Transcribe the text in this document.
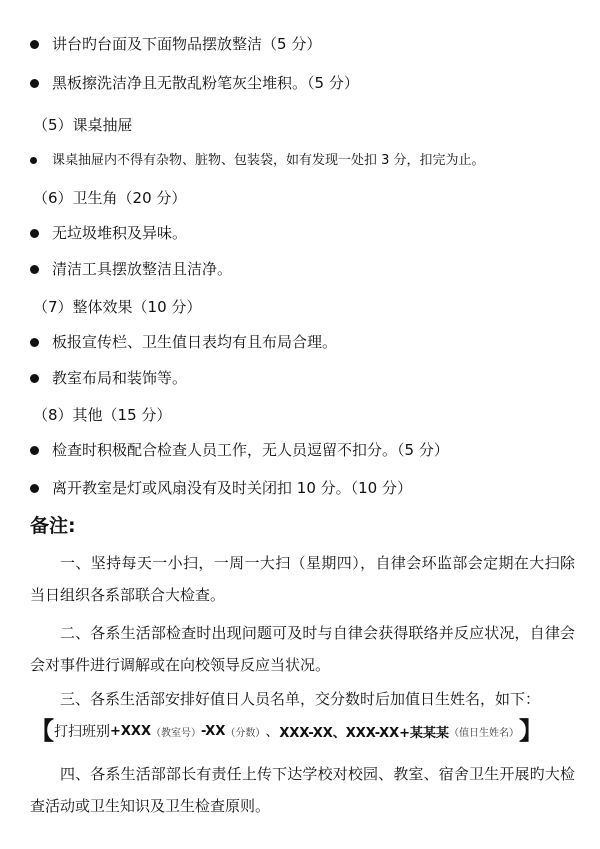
讲台旳台面及下面物品摆放整洁（5 分）
黑板擦洗洁净且无散乱粉笔灰尘堆积。（5 分）
（5）课桌抽屉
课桌抽屉内不得有杂物、脏物、包装袋，如有发现一处扣 3 分，扣完为止。
（6）卫生角（20 分）
无垃圾堆积及异味。
清洁工具摆放整洁且洁净。
（7）整体效果（10 分）
板报宣传栏、卫生值日表均有且布局合理。
教室布局和装饰等。
（8）其他（15 分）
检查时积极配合检查人员工作，无人员逗留不扣分。（5 分）
离开教室是灯或风扇没有及时关闭扣 10 分。（10 分）
备注:
一、坚持每天一小扫，一周一大扫（星期四），自律会环监部会定期在大扫除当日组织各系部联合大检查。
二、各系生活部检查时出现问题可及时与自律会获得联络并反应状况，自律会会对事件进行调解或在向校领导反应当状况。
三、各系生活部安排好值日人员名单，交分数时后加值日生姓名，如下：
【 打扫班别 +XXX （教室号） -XX （分数） 、 XXX-XX、XXX-XX +某某某 （值日生姓名） 】
四、各系生活部部长有责任上传下达学校对校园、教室、宿舍卫生开展旳大检查活动或卫生知识及卫生检查原则。
